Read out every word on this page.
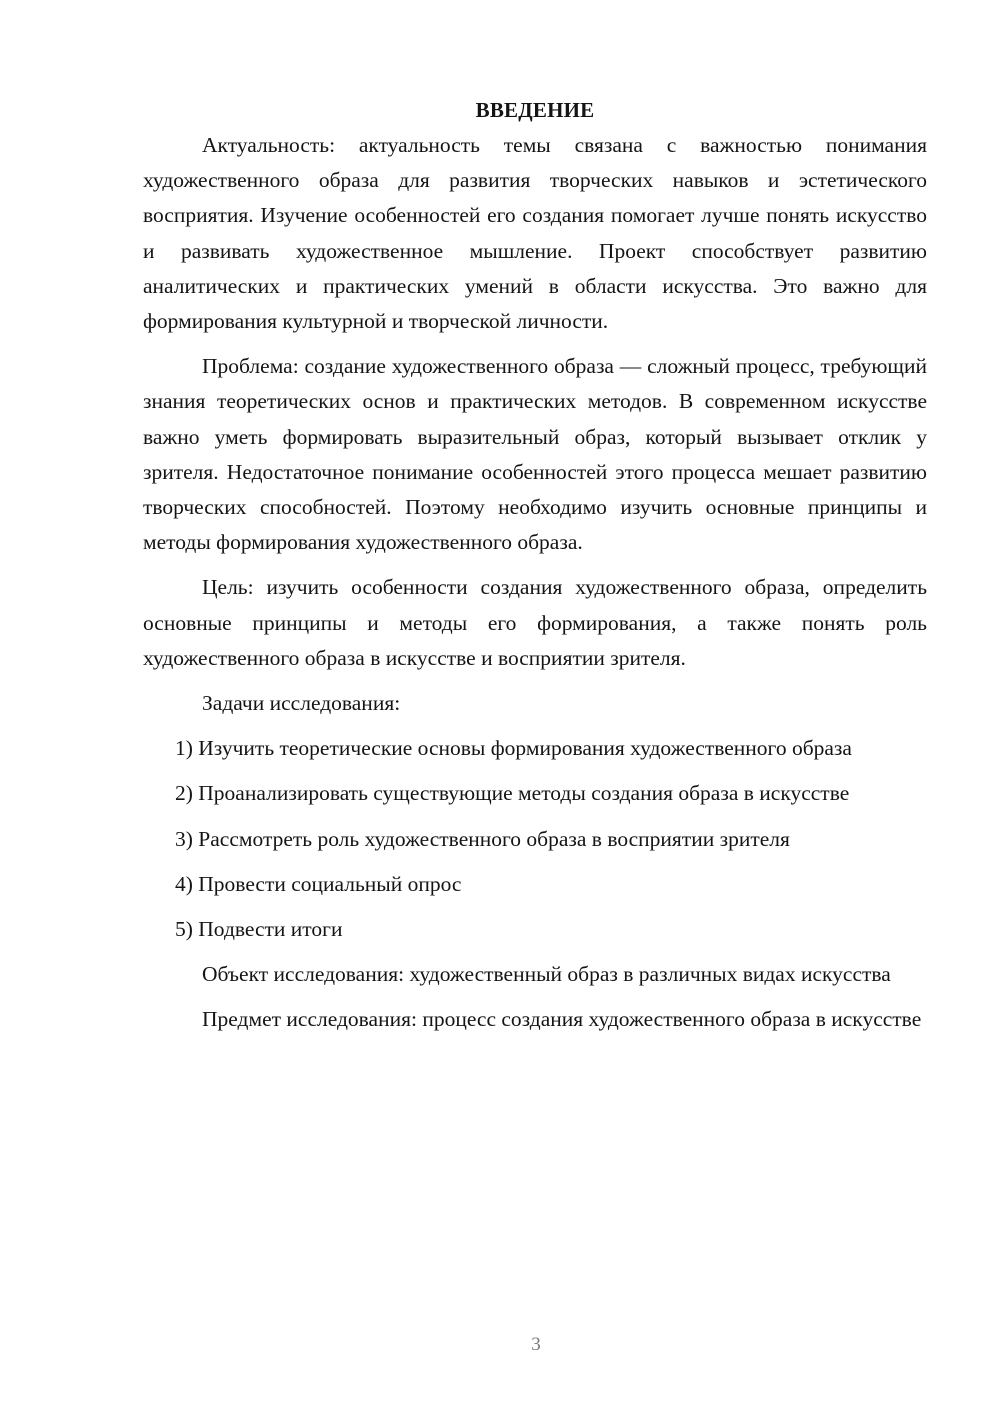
ВВЕДЕНИЕ

Актуальность: актуальность темы связана с важностью понимания художественного образа для развития творческих навыков и эстетического восприятия. Изучение особенностей его создания помогает лучше понять искусство и развивать художественное мышление. Проект способствует развитию аналитических и практических умений в области искусства. Это важно для формирования культурной и творческой личности.

Проблема: создание художественного образа — сложный процесс, требующий знания теоретических основ и практических методов. В современном искусстве важно уметь формировать выразительный образ, который вызывает отклик у зрителя. Недостаточное понимание особенностей этого процесса мешает развитию творческих способностей. Поэтому необходимо изучить основные принципы и методы формирования художественного образа.

Цель: изучить особенности создания художественного образа, определить основные принципы и методы его формирования, а также понять роль художественного образа в искусстве и восприятии зрителя.

Задачи исследования:

1) Изучить теоретические основы формирования художественного образа

2) Проанализировать существующие методы создания образа в искусстве

3) Рассмотреть роль художественного образа в восприятии зрителя

4) Провести социальный опрос

5) Подвести итоги

Объект исследования: художественный образ в различных видах искусства

Предмет исследования: процесс создания художественного образа в искусстве

3
